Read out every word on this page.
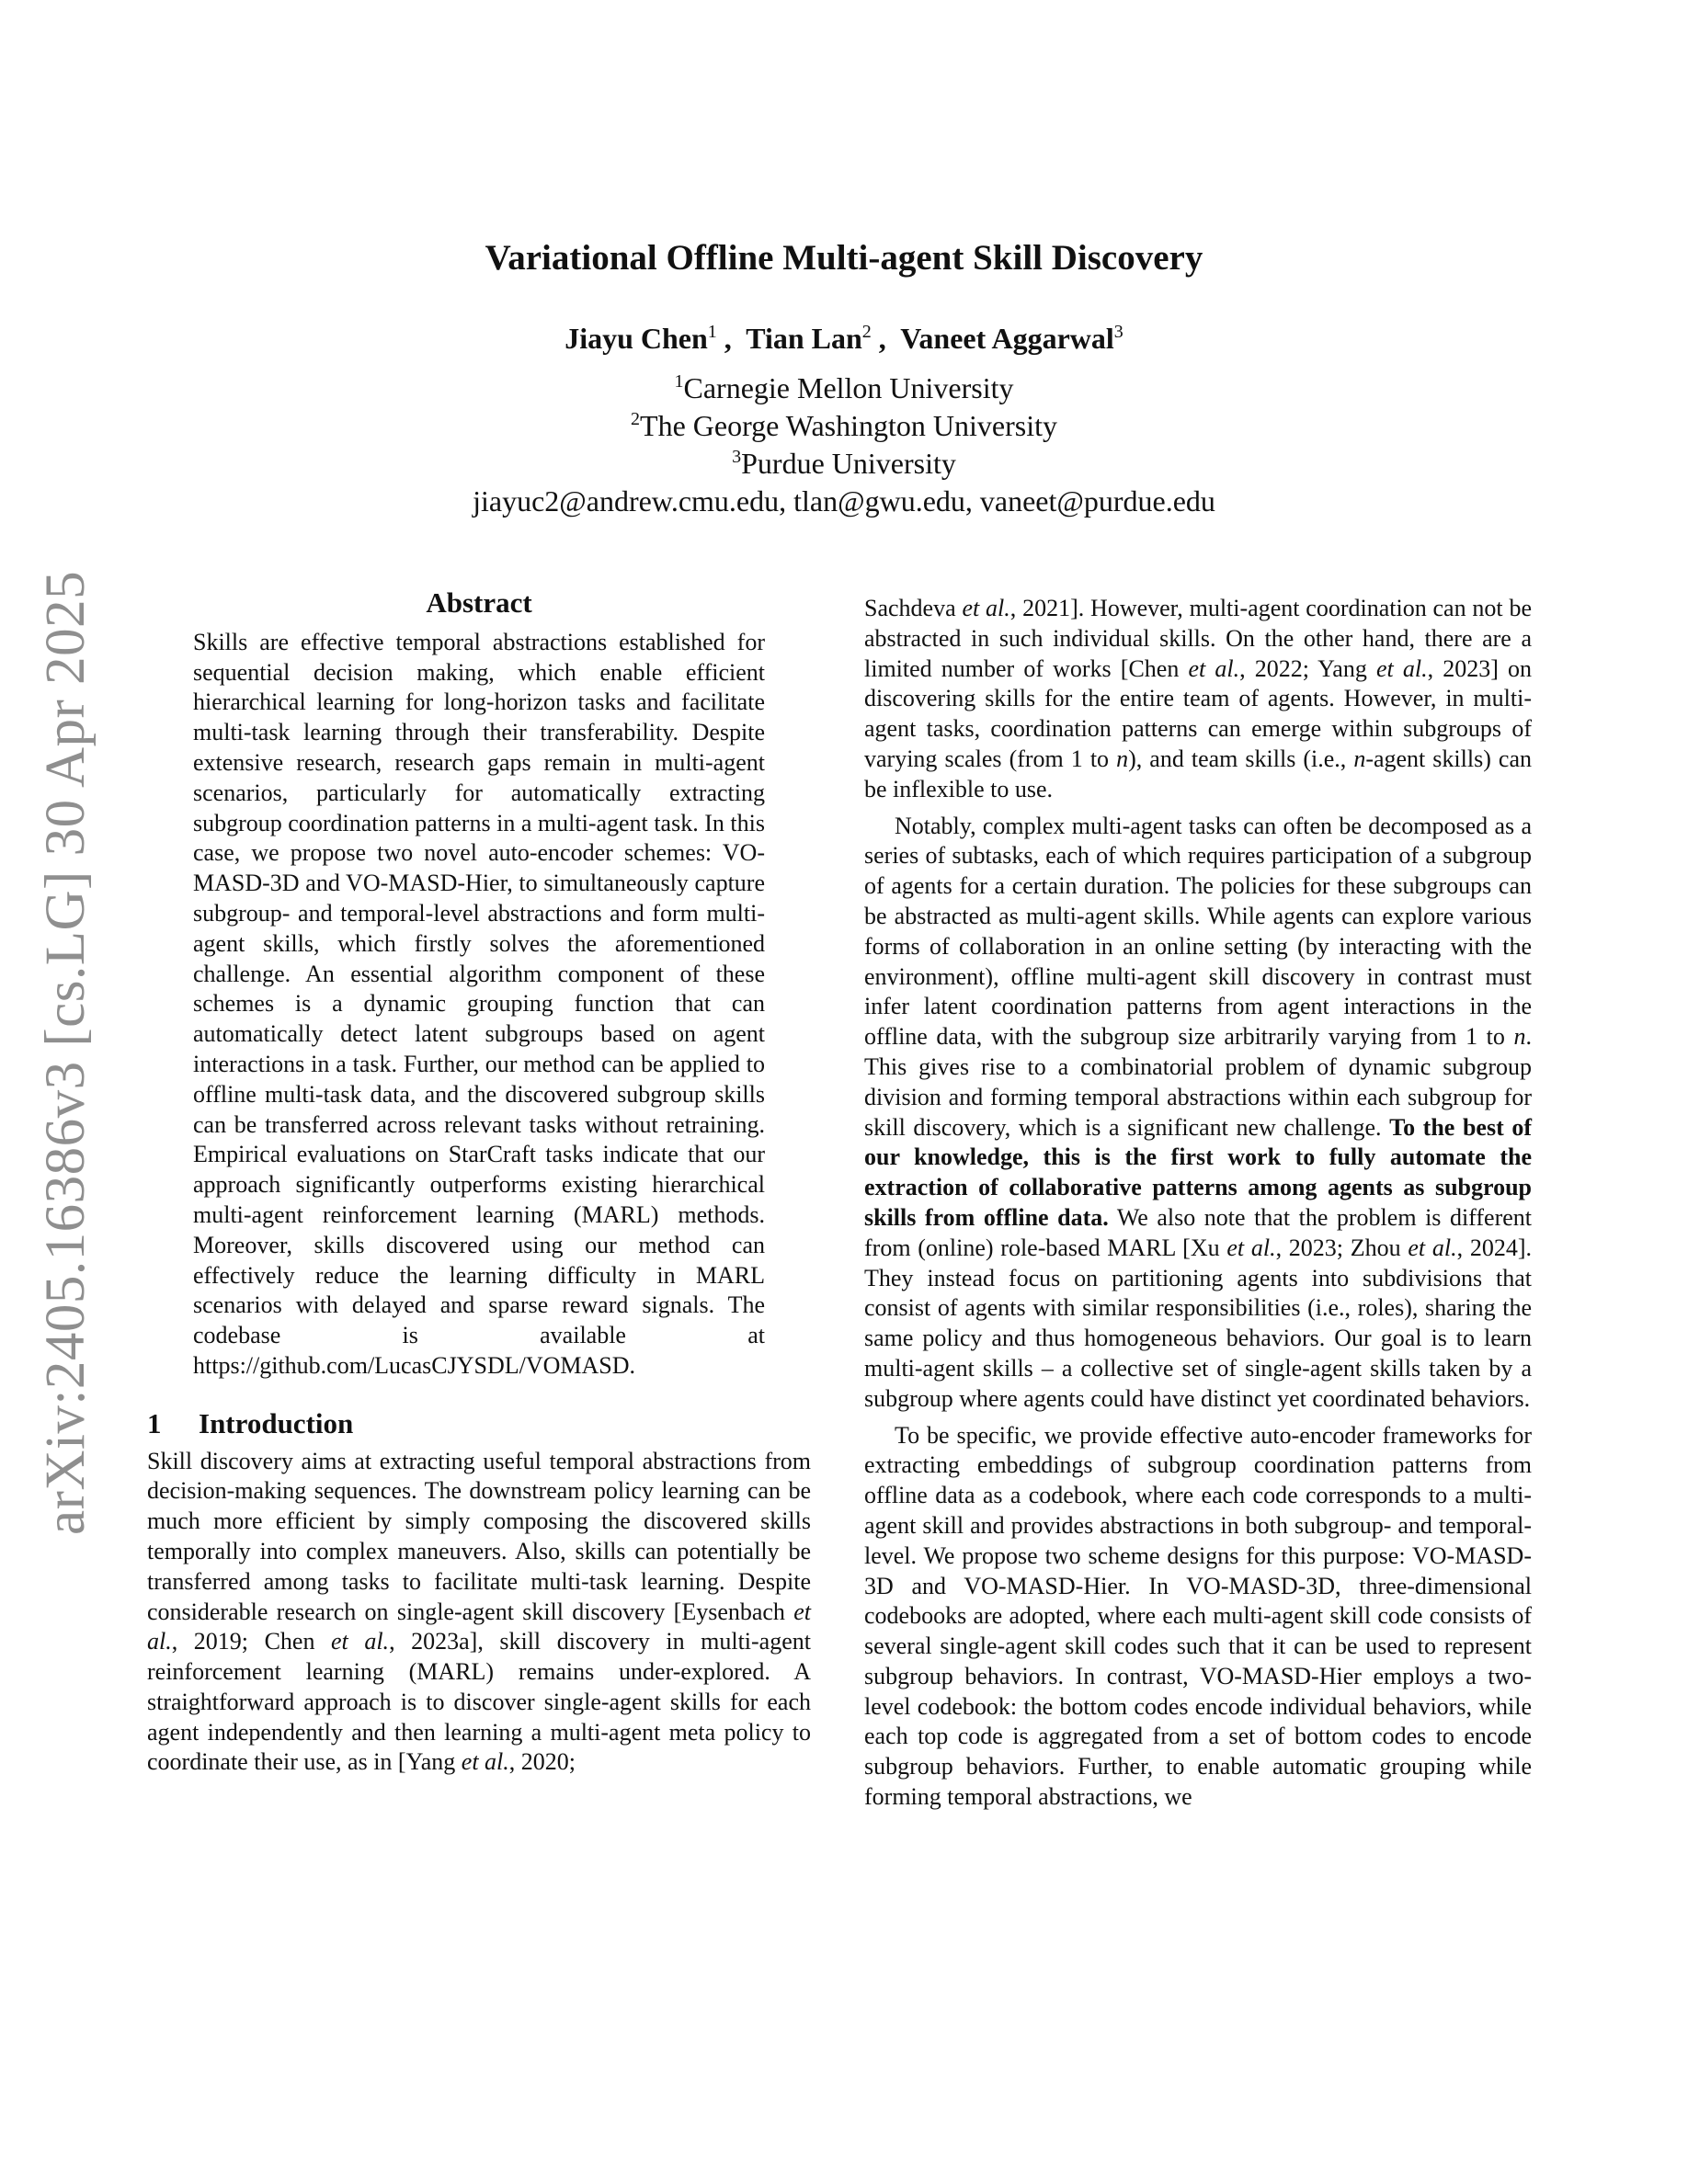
arXiv:2405.16386v3 [cs.LG] 30 Apr 2025
Variational Offline Multi-agent Skill Discovery
Jiayu Chen$^1$ ,  Tian Lan$^2$ ,  Vaneet Aggarwal$^3$
$^1$Carnegie Mellon University
$^2$The George Washington University
$^3$Purdue University
jiayuc2@andrew.cmu.edu, tlan@gwu.edu, vaneet@purdue.edu
Abstract

Skills are effective temporal abstractions established for sequential decision making, which enable efficient hierarchical learning for long-horizon tasks and facilitate multi-task learning through their transferability. Despite extensive research, research gaps remain in multi-agent scenarios, particularly for automatically extracting subgroup coordination patterns in a multi-agent task. In this case, we propose two novel auto-encoder schemes: VO-MASD-3D and VO-MASD-Hier, to simultaneously capture subgroup- and temporal-level abstractions and form multi-agent skills, which firstly solves the aforementioned challenge. An essential algorithm component of these schemes is a dynamic grouping function that can automatically detect latent subgroups based on agent interactions in a task. Further, our method can be applied to offline multi-task data, and the discovered subgroup skills can be transferred across relevant tasks without retraining. Empirical evaluations on StarCraft tasks indicate that our approach significantly outperforms existing hierarchical multi-agent reinforcement learning (MARL) methods. Moreover, skills discovered using our method can effectively reduce the learning difficulty in MARL scenarios with delayed and sparse reward signals. The codebase is available at https://github.com/LucasCJYSDL/VOMASD.

1 Introduction

Skill discovery aims at extracting useful temporal abstractions from decision-making sequences. The downstream policy learning can be much more efficient by simply composing the discovered skills temporally into complex maneuvers. Also, skills can potentially be transferred among tasks to facilitate multi-task learning. Despite considerable research on single-agent skill discovery [Eysenbach et al., 2019; Chen et al., 2023a], skill discovery in multi-agent reinforcement learning (MARL) remains under-explored. A straightforward approach is to discover single-agent skills for each agent independently and then learning a multi-agent meta policy to coordinate their use, as in [Yang et al., 2020;

Sachdeva et al., 2021]. However, multi-agent coordination can not be abstracted in such individual skills. On the other hand, there are a limited number of works [Chen et al., 2022; Yang et al., 2023] on discovering skills for the entire team of agents. However, in multi-agent tasks, coordination patterns can emerge within subgroups of varying scales (from 1 to n), and team skills (i.e., n-agent skills) can be inflexible to use.

Notably, complex multi-agent tasks can often be decomposed as a series of subtasks, each of which requires participation of a subgroup of agents for a certain duration. The policies for these subgroups can be abstracted as multi-agent skills. While agents can explore various forms of collaboration in an online setting (by interacting with the environment), offline multi-agent skill discovery in contrast must infer latent coordination patterns from agent interactions in the offline data, with the subgroup size arbitrarily varying from 1 to n. This gives rise to a combinatorial problem of dynamic subgroup division and forming temporal abstractions within each subgroup for skill discovery, which is a significant new challenge. To the best of our knowledge, this is the first work to fully automate the extraction of collaborative patterns among agents as subgroup skills from offline data. We also note that the problem is different from (online) role-based MARL [Xu et al., 2023; Zhou et al., 2024]. They instead focus on partitioning agents into subdivisions that consist of agents with similar responsibilities (i.e., roles), sharing the same policy and thus homogeneous behaviors. Our goal is to learn multi-agent skills – a collective set of single-agent skills taken by a subgroup where agents could have distinct yet coordinated behaviors.

To be specific, we provide effective auto-encoder frameworks for extracting embeddings of subgroup coordination patterns from offline data as a codebook, where each code corresponds to a multi-agent skill and provides abstractions in both subgroup- and temporal-level. We propose two scheme designs for this purpose: VO-MASD-3D and VO-MASD-Hier. In VO-MASD-3D, three-dimensional codebooks are adopted, where each multi-agent skill code consists of several single-agent skill codes such that it can be used to represent subgroup behaviors. In contrast, VO-MASD-Hier employs a two-level codebook: the bottom codes encode individual behaviors, while each top code is aggregated from a set of bottom codes to encode subgroup behaviors. Further, to enable automatic grouping while forming temporal abstractions, we
